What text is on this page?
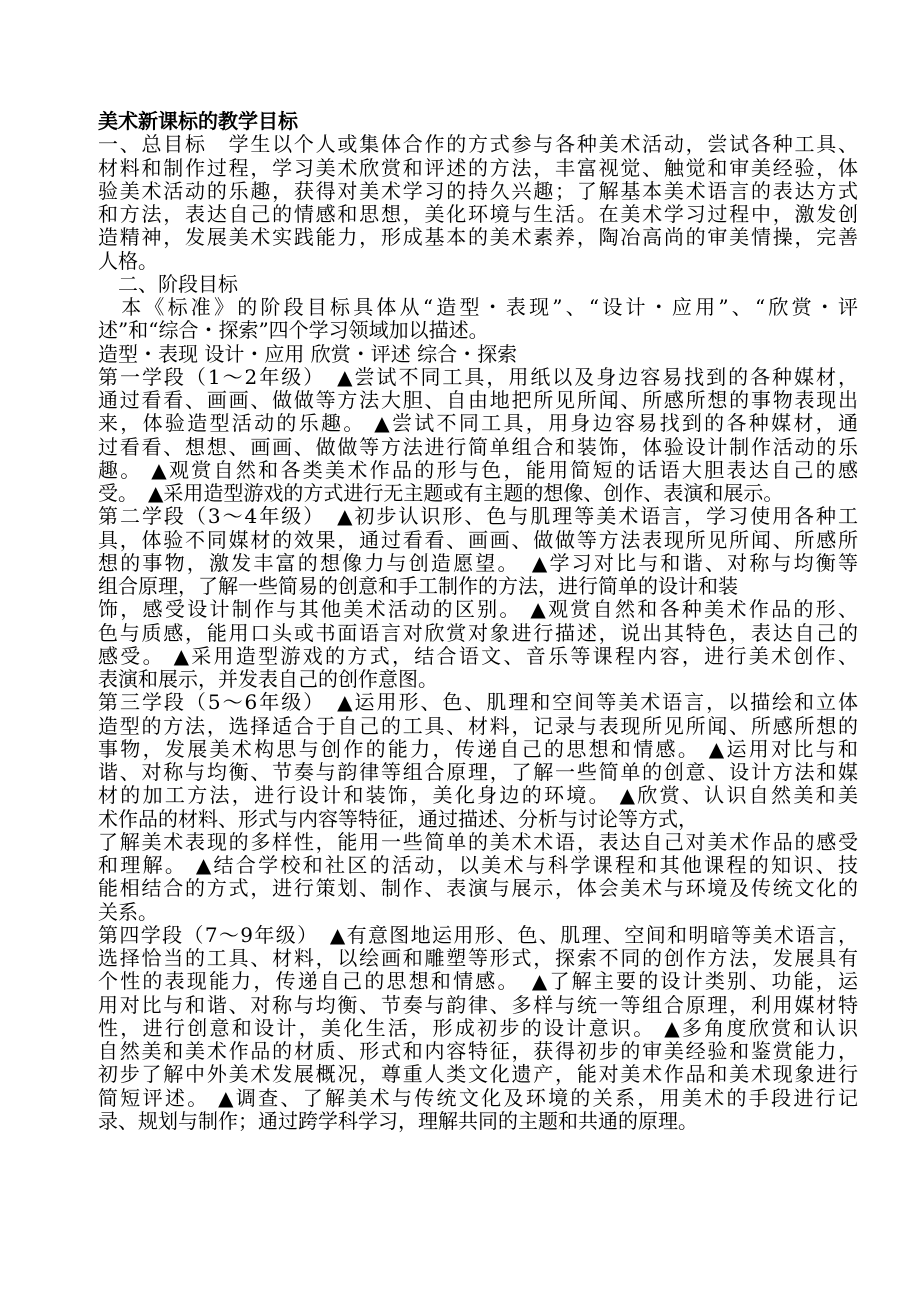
美术新课标的教学目标
一、总目标　学生以个人或集体合作的方式参与各种美术活动，尝试各种工具、
材料和制作过程，学习美术欣赏和评述的方法，丰富视觉、触觉和审美经验，体
验美术活动的乐趣，获得对美术学习的持久兴趣；了解基本美术语言的表达方式
和方法，表达自己的情感和思想，美化环境与生活。在美术学习过程中，激发创
造精神，发展美术实践能力，形成基本的美术素养，陶冶高尚的审美情操，完善
人格。
　二、阶段目标
　本《标准》的阶段目标具体从“造型・表现”、“设计・应用”、“欣赏・评
述”和“综合・探索”四个学习领域加以描述。
造型・表现 设计・应用 欣赏・评述 综合・探索
第一学段（1～2年级）　▲尝试不同工具，用纸以及身边容易找到的各种媒材，
通过看看、画画、做做等方法大胆、自由地把所见所闻、所感所想的事物表现出
来，体验造型活动的乐趣。 ▲尝试不同工具，用身边容易找到的各种媒材，通
过看看、想想、画画、做做等方法进行简单组合和装饰，体验设计制作活动的乐
趣。 ▲观赏自然和各类美术作品的形与色，能用简短的话语大胆表达自己的感
受。　▲采用造型游戏的方式进行无主题或有主题的想像、创作、表演和展示。
第二学段（3～4年级）　▲初步认识形、色与肌理等美术语言，学习使用各种工
具，体验不同媒材的效果，通过看看、画画、做做等方法表现所见所闻、所感所
想的事物，激发丰富的想像力与创造愿望。　▲学习对比与和谐、对称与均衡等
组合原理，了解一些简易的创意和手工制作的方法，进行简单的设计和装
饰，感受设计制作与其他美术活动的区别。 ▲观赏自然和各种美术作品的形、
色与质感，能用口头或书面语言对欣赏对象进行描述，说出其特色，表达自己的
感受。 ▲采用造型游戏的方式，结合语文、音乐等课程内容，进行美术创作、
表演和展示，并发表自己的创作意图。
第三学段（5～6年级）　▲运用形、色、肌理和空间等美术语言，以描绘和立体
造型的方法，选择适合于自己的工具、材料，记录与表现所见所闻、所感所想的
事物，发展美术构思与创作的能力，传递自己的思想和情感。 ▲运用对比与和
谐、对称与均衡、节奏与韵律等组合原理，了解一些简单的创意、设计方法和媒
材的加工方法，进行设计和装饰，美化身边的环境。 ▲欣赏、认识自然美和美
术作品的材料、形式与内容等特征，通过描述、分析与讨论等方式，
了解美术表现的多样性，能用一些简单的美术术语，表达自己对美术作品的感受
和理解。 ▲结合学校和社区的活动，以美术与科学课程和其他课程的知识、技
能相结合的方式，进行策划、制作、表演与展示，体会美术与环境及传统文化的
关系。
第四学段（7～9年级）　▲有意图地运用形、色、肌理、空间和明暗等美术语言，
选择恰当的工具、材料，以绘画和雕塑等形式，探索不同的创作方法，发展具有
个性的表现能力，传递自己的思想和情感。　▲了解主要的设计类别、功能，运
用对比与和谐、对称与均衡、节奏与韵律、多样与统一等组合原理，利用媒材特
性，进行创意和设计，美化生活，形成初步的设计意识。 ▲多角度欣赏和认识
自然美和美术作品的材质、形式和内容特征，获得初步的审美经验和鉴赏能力，
初步了解中外美术发展概况，尊重人类文化遗产，能对美术作品和美术现象进行
简短评述。 ▲调查、了解美术与传统文化及环境的关系，用美术的手段进行记
录、规划与制作；通过跨学科学习，理解共同的主题和共通的原理。
